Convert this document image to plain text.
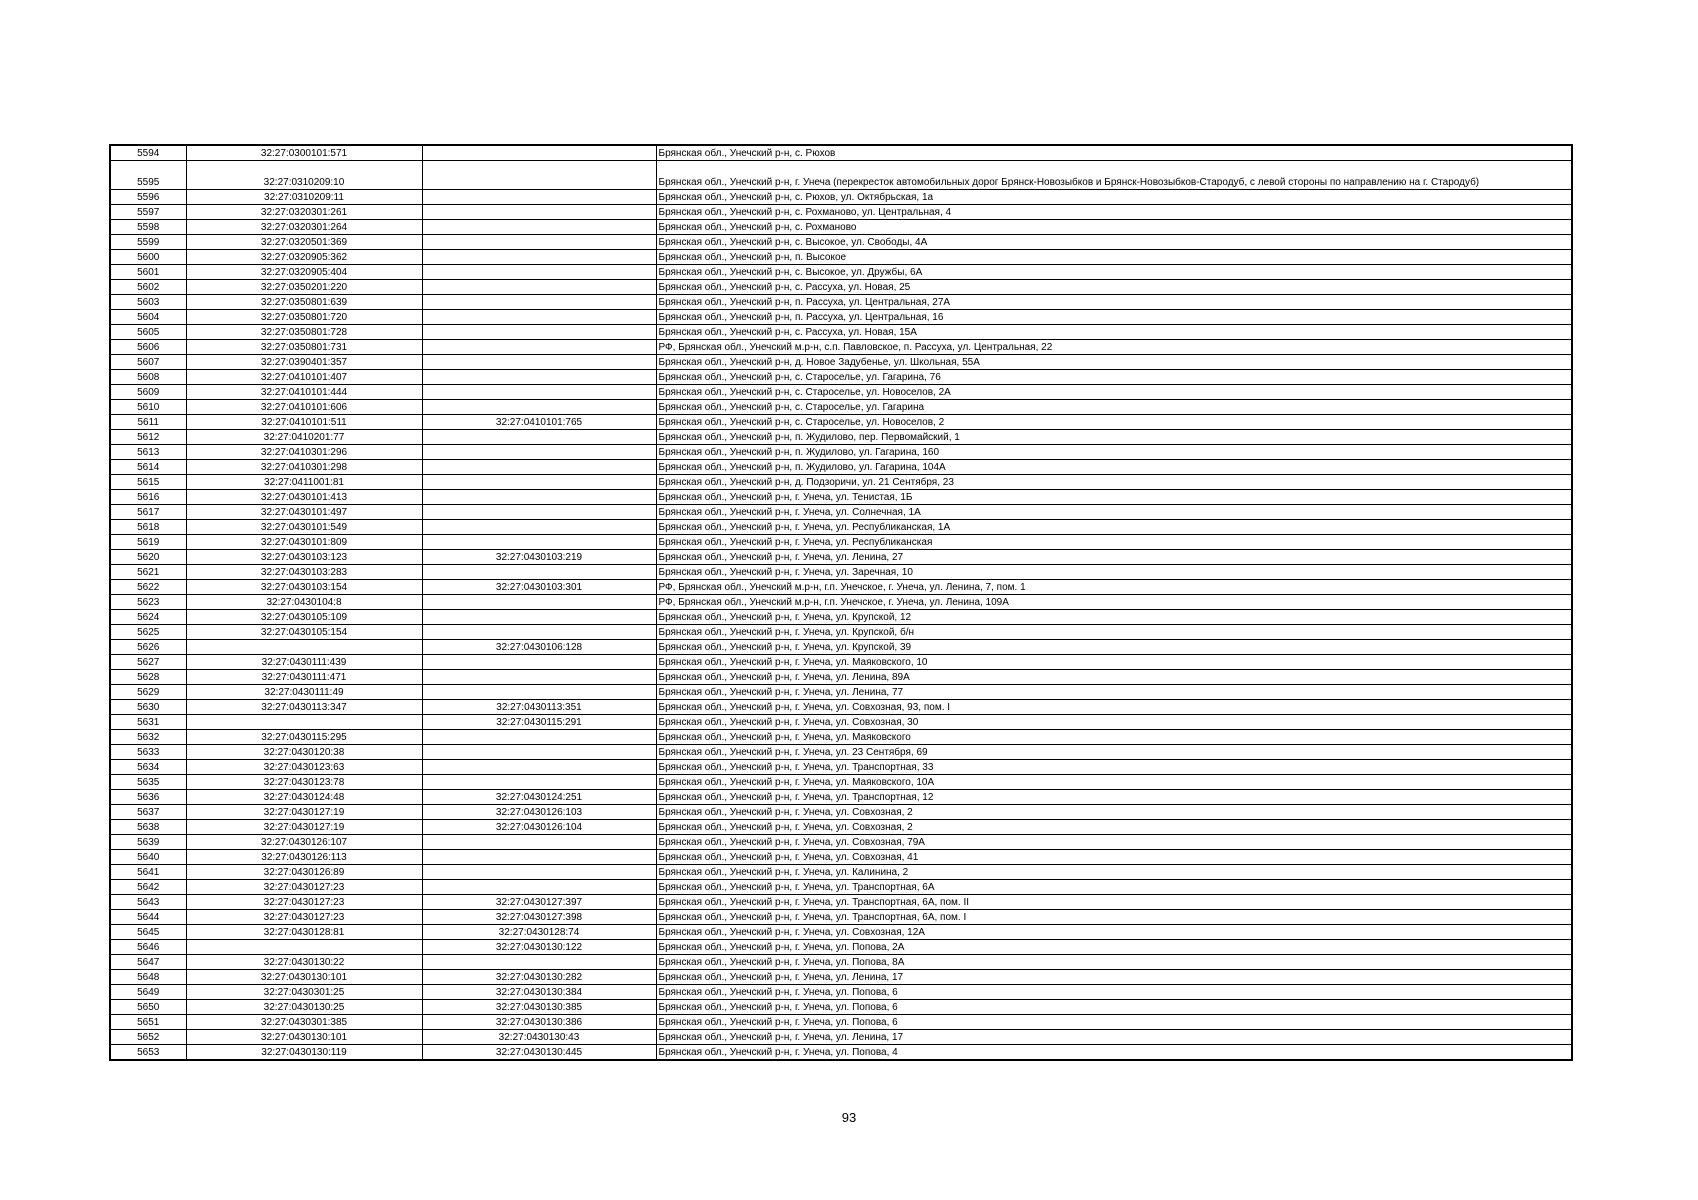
5594	32:27:0300101:571		Брянская обл., Унечский р-н, с. Рюхов
5595	32:27:0310209:10		Брянская обл., Унечский р-н, г. Унеча (перекресток автомобильных дорог Брянск-Новозыбков и Брянск-Новозыбков-Стародуб, с левой стороны по направлению на г. Стародуб)
5596	32:27:0310209:11		Брянская обл., Унечский р-н, с. Рюхов, ул. Октябрьская, 1а
5597	32:27:0320301:261		Брянская обл., Унечский р-н, с. Рохманово, ул. Центральная, 4
5598	32:27:0320301:264		Брянская обл., Унечский р-н, с. Рохманово
5599	32:27:0320501:369		Брянская обл., Унечский р-н, с. Высокое, ул. Свободы, 4А
5600	32:27:0320905:362		Брянская обл., Унечский р-н, п. Высокое
5601	32:27:0320905:404		Брянская обл., Унечский р-н, с. Высокое, ул. Дружбы, 6А
5602	32:27:0350201:220		Брянская обл., Унечский р-н, с. Рассуха, ул. Новая, 25
5603	32:27:0350801:639		Брянская обл., Унечский р-н, п. Рассуха, ул. Центральная, 27А
5604	32:27:0350801:720		Брянская обл., Унечский р-н, п. Рассуха, ул. Центральная, 16
5605	32:27:0350801:728		Брянская обл., Унечский р-н, с. Рассуха, ул. Новая, 15А
5606	32:27:0350801:731		РФ, Брянская обл., Унечский м.р-н, с.п. Павловское, п. Рассуха, ул. Центральная, 22
5607	32:27:0390401:357		Брянская обл., Унечский р-н, д. Новое Задубенье, ул. Школьная, 55А
5608	32:27:0410101:407		Брянская обл., Унечский р-н, с. Староселье, ул. Гагарина, 76
5609	32:27:0410101:444		Брянская обл., Унечский р-н, с. Староселье, ул. Новоселов, 2А
5610	32:27:0410101:606		Брянская обл., Унечский р-н, с. Староселье, ул. Гагарина
5611	32:27:0410101:511	32:27:0410101:765	Брянская обл., Унечский р-н, с. Староселье, ул. Новоселов, 2
5612	32:27:0410201:77		Брянская обл., Унечский р-н, п. Жудилово, пер. Первомайский, 1
5613	32:27:0410301:296		Брянская обл., Унечский р-н, п. Жудилово, ул. Гагарина, 160
5614	32:27:0410301:298		Брянская обл., Унечский р-н, п. Жудилово, ул. Гагарина, 104А
5615	32:27:0411001:81		Брянская обл., Унечский р-н, д. Подзоричи, ул. 21 Сентября, 23
5616	32:27:0430101:413		Брянская обл., Унечский р-н, г. Унеча, ул. Тенистая, 1Б
5617	32:27:0430101:497		Брянская обл., Унечский р-н, г. Унеча, ул. Солнечная, 1А
5618	32:27:0430101:549		Брянская обл., Унечский р-н, г. Унеча, ул. Республиканская, 1А
5619	32:27:0430101:809		Брянская обл., Унечский р-н, г. Унеча, ул. Республиканская
5620	32:27:0430103:123	32:27:0430103:219	Брянская обл., Унечский р-н, г. Унеча, ул. Ленина, 27
5621	32:27:0430103:283		Брянская обл., Унечский р-н, г. Унеча, ул. Заречная, 10
5622	32:27:0430103:154	32:27:0430103:301	РФ, Брянская обл., Унечский м.р-н, г.п. Унечское, г. Унеча, ул. Ленина, 7, пом. 1
5623	32:27:0430104:8		РФ, Брянская обл., Унечский м.р-н, г.п. Унечское, г. Унеча, ул. Ленина, 109А
5624	32:27:0430105:109		Брянская обл., Унечский р-н, г. Унеча, ул. Крупской, 12
5625	32:27:0430105:154		Брянская обл., Унечский р-н, г. Унеча, ул. Крупской, б/н
5626		32:27:0430106:128	Брянская обл., Унечский р-н, г. Унеча, ул. Крупской, 39
5627	32:27:0430111:439		Брянская обл., Унечский р-н, г. Унеча, ул. Маяковского, 10
5628	32:27:0430111:471		Брянская обл., Унечский р-н, г. Унеча, ул. Ленина, 89А
5629	32:27:0430111:49		Брянская обл., Унечский р-н, г. Унеча, ул. Ленина, 77
5630	32:27:0430113:347	32:27:0430113:351	Брянская обл., Унечский р-н, г. Унеча, ул. Совхозная, 93, пом. I
5631		32:27:0430115:291	Брянская обл., Унечский р-н, г. Унеча, ул. Совхозная, 30
5632	32:27:0430115:295		Брянская обл., Унечский р-н, г. Унеча, ул. Маяковского
5633	32:27:0430120:38		Брянская обл., Унечский р-н, г. Унеча, ул. 23 Сентября, 69
5634	32:27:0430123:63		Брянская обл., Унечский р-н, г. Унеча, ул. Транспортная, 33
5635	32:27:0430123:78		Брянская обл., Унечский р-н, г. Унеча, ул. Маяковского, 10А
5636	32:27:0430124:48	32:27:0430124:251	Брянская обл., Унечский р-н, г. Унеча, ул. Транспортная, 12
5637	32:27:0430127:19	32:27:0430126:103	Брянская обл., Унечский р-н, г. Унеча, ул. Совхозная, 2
5638	32:27:0430127:19	32:27:0430126:104	Брянская обл., Унечский р-н, г. Унеча, ул. Совхозная, 2
5639	32:27:0430126:107		Брянская обл., Унечский р-н, г. Унеча, ул. Совхозная, 79А
5640	32:27:0430126:113		Брянская обл., Унечский р-н, г. Унеча, ул. Совхозная, 41
5641	32:27:0430126:89		Брянская обл., Унечский р-н, г. Унеча, ул. Калинина, 2
5642	32:27:0430127:23		Брянская обл., Унечский р-н, г. Унеча, ул. Транспортная, 6А
5643	32:27:0430127:23	32:27:0430127:397	Брянская обл., Унечский р-н, г. Унеча, ул. Транспортная, 6А, пом. II
5644	32:27:0430127:23	32:27:0430127:398	Брянская обл., Унечский р-н, г. Унеча, ул. Транспортная, 6А, пом. I
5645	32:27:0430128:81	32:27:0430128:74	Брянская обл., Унечский р-н, г. Унеча, ул. Совхозная, 12А
5646		32:27:0430130:122	Брянская обл., Унечский р-н, г. Унеча, ул. Попова, 2А
5647	32:27:0430130:22		Брянская обл., Унечский р-н, г. Унеча, ул. Попова, 8А
5648	32:27:0430130:101	32:27:0430130:282	Брянская обл., Унечский р-н, г. Унеча, ул. Ленина, 17
5649	32:27:0430301:25	32:27:0430130:384	Брянская обл., Унечский р-н, г. Унеча, ул. Попова, 6
5650	32:27:0430130:25	32:27:0430130:385	Брянская обл., Унечский р-н, г. Унеча, ул. Попова, 6
5651	32:27:0430301:385	32:27:0430130:386	Брянская обл., Унечский р-н, г. Унеча, ул. Попова, 6
5652	32:27:0430130:101	32:27:0430130:43	Брянская обл., Унечский р-н, г. Унеча, ул. Ленина, 17
5653	32:27:0430130:119	32:27:0430130:445	Брянская обл., Унечский р-н, г. Унеча, ул. Попова, 4
93
